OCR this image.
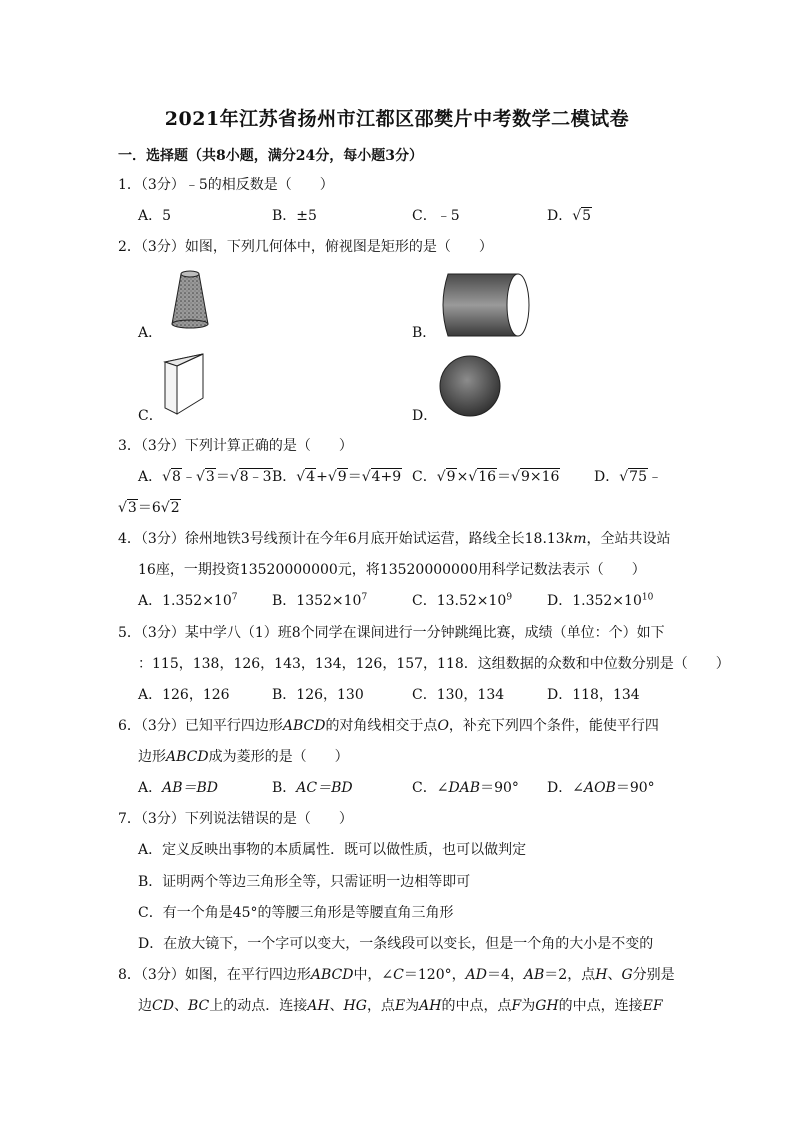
2021年江苏省扬州市江都区邵樊片中考数学二模试卷
一．选择题（共8小题，满分24分，每小题3分）
1．（3分）﹣5的相反数是（　　）
A．5	B．±5	C．﹣5	D．√5
2．（3分）如图，下列几何体中，俯视图是矩形的是（　　）
A．	B．
C．	D．
3．（3分）下列计算正确的是（　　）
A．√8﹣√3＝√8﹣3 B．√4+√9＝√4+9 C．√9×√16＝√9×16 D．√75﹣
√3＝6√2
4．（3分）徐州地铁3号线预计在今年6月底开始试运营，路线全长18.13km，全站共设站
16座，一期投资13520000000元，将13520000000用科学记数法表示（　　）
A．$1.352\times 10^7$ B．$1352\times 10^7$	C．$13.52\times 10^9$ D．$1.352\times 10^{10}$
5．（3分）某中学八（1）班8个同学在课间进行一分钟跳绳比赛，成绩（单位：个）如下
：115，138，126，143，134，126，157，118．这组数据的众数和中位数分别是（　　）
A．126，126	B．126，130	C．130，134	D．118，134
6．（3分）已知平行四边形ABCD的对角线相交于点O，补充下列四个条件，能使平行四
边形ABCD成为菱形的是（　　）
A．AB＝BD	B．AC＝BD	C．∠DAB＝90° D．∠AOB＝90°
7．（3分）下列说法错误的是（　　）
A．定义反映出事物的本质属性．既可以做性质，也可以做判定
B．证明两个等边三角形全等，只需证明一边相等即可
C．有一个角是45°的等腰三角形是等腰直角三角形
D．在放大镜下，一个字可以变大，一条线段可以变长，但是一个角的大小是不变的
8．（3分）如图，在平行四边形ABCD中，∠C＝120°，AD＝4，AB＝2，点H、G分别是
边CD、BC上的动点．连接AH、HG，点E为AH的中点，点F为GH的中点，连接EF
